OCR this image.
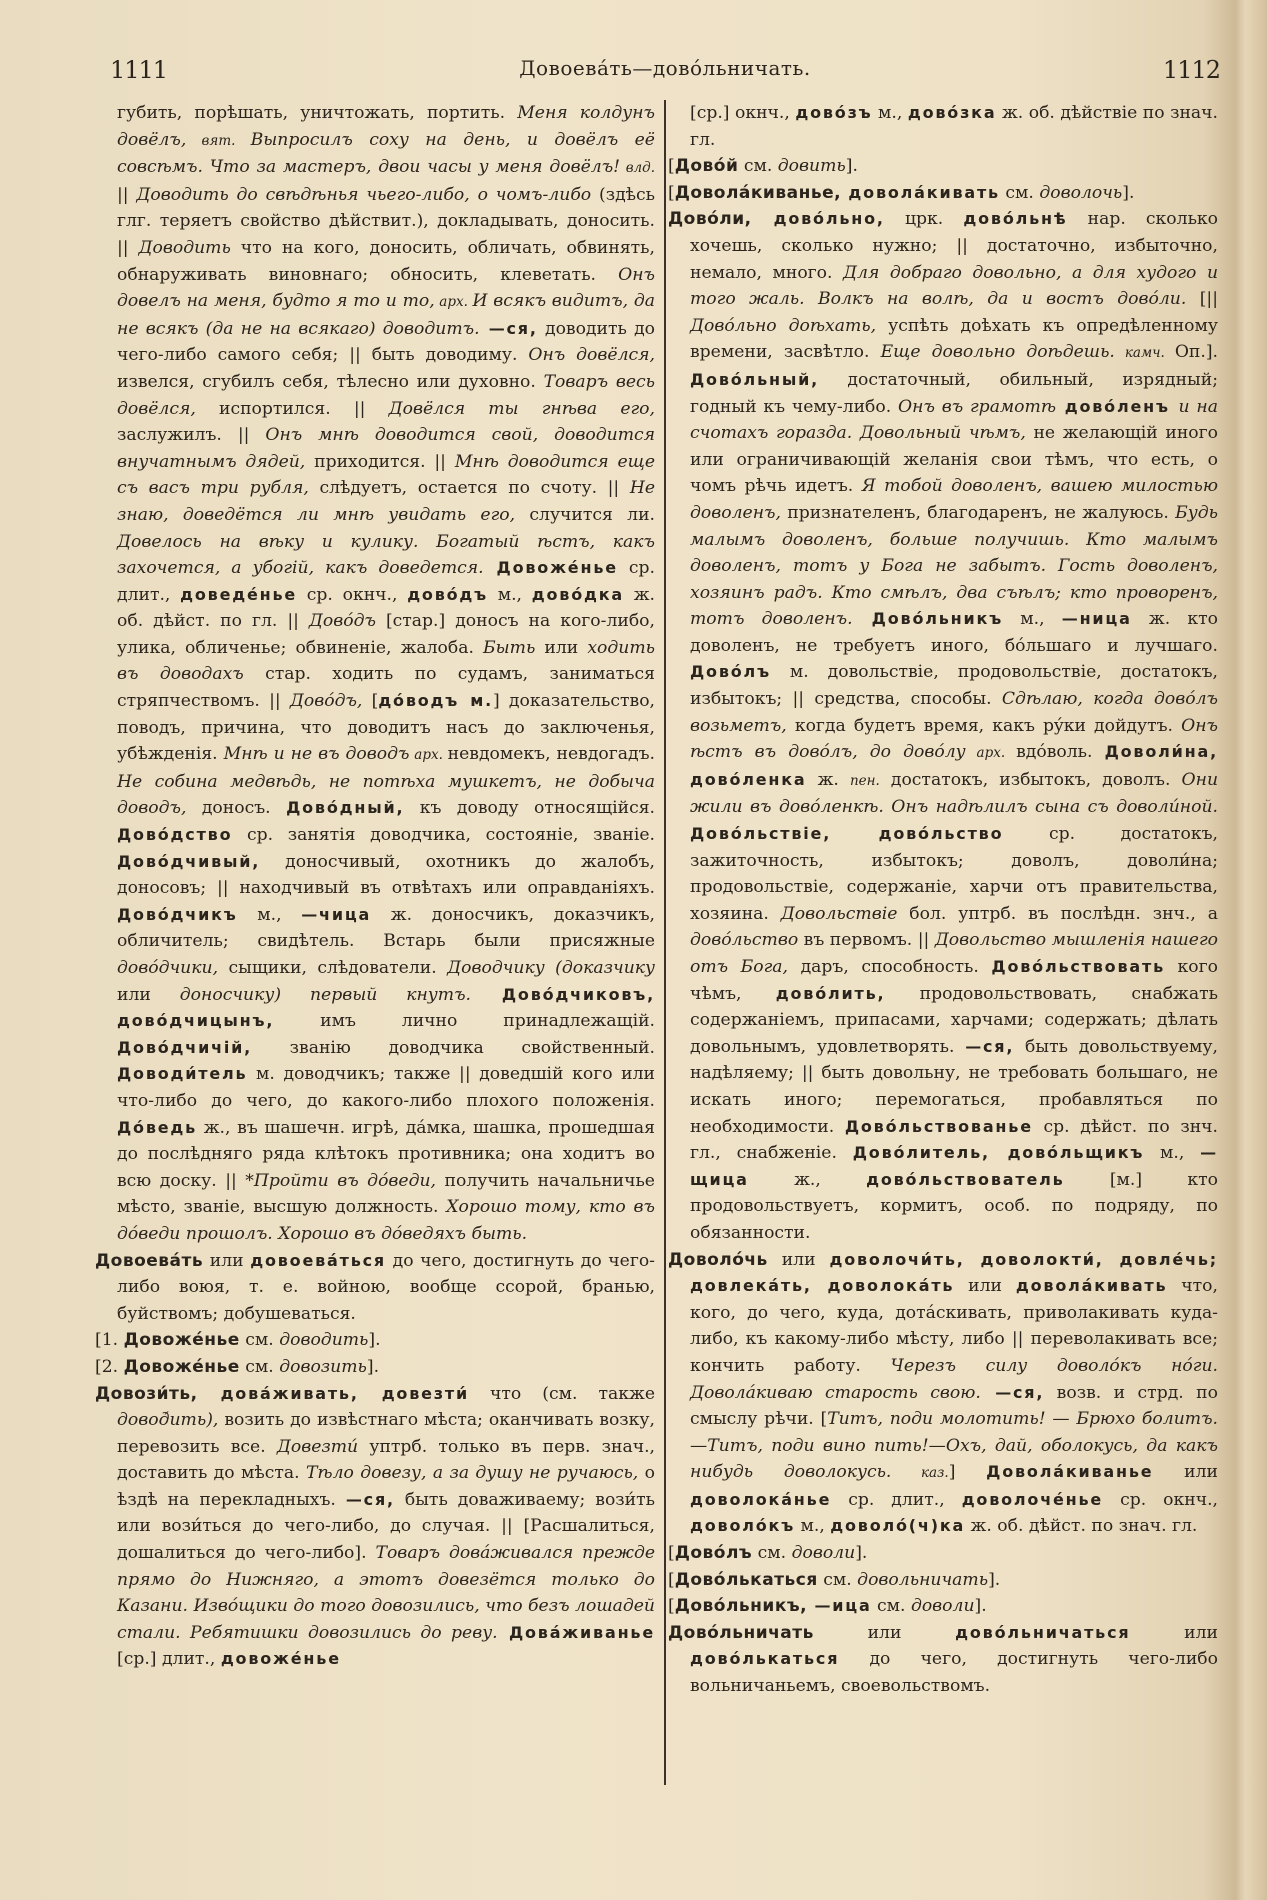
1111	Довоевáть—довóльничать.	1112

губить, порѣшать, уничтожать, портить. Меня колдунъ довёлъ, вят. Выпросилъ соху на день, и довёлъ её совсѣмъ. Что за мастеръ, двои часы у меня довёлъ! влд. || Доводить до свѣдѣнья чьего-либо, о чомъ-либо (здѣсь глг. теряетъ свойство дѣйствит.), докладывать, доносить. || Доводить что на кого, доносить, обличать, обвинять, обнаруживать виновнаго; обносить, клеветать. Онъ довелъ на меня, будто я то и то, арх. И всякъ видитъ, да не всякъ (да не на всякаго) доводитъ. —ся, доводить до чего-либо самого себя; || быть доводиму. Онъ довёлся, извелся, сгубилъ себя, тѣлесно или духовно. Товаръ весь довёлся, испортился. || Довёлся ты гнѣва его, заслужилъ. || Онъ мнѣ доводится свой, доводится внучатнымъ дядей, приходится. || Мнѣ доводится еще съ васъ три рубля, слѣдуетъ, остается по счоту. || Не знаю, доведётся ли мнѣ увидать его, случится ли. Довелось на вѣку и кулику. Богатый ѣстъ, какъ захочется, а убогій, какъ доведется. Довожéнье ср. длит., доведéнье ср. окнч., довóдъ м., довóдка ж. об. дѣйст. по гл. || Довóдъ [стар.] доносъ на кого-либо, улика, обличенье; обвиненіе, жалоба. Быть или ходить въ доводахъ стар. ходить по судамъ, заниматься стряпчествомъ. || Довóдъ, [дóводъ м.] доказательство, поводъ, причина, что доводитъ насъ до заключенья, убѣжденія. Мнѣ и не въ доводъ арх. невдомекъ, невдогадъ. Не собина медвѣдь, не потѣха мушкетъ, не добыча доводъ, доносъ. Довóдный, къ доводу относящійся. Довóдство ср. занятія доводчика, состояніе, званіе. Довóдчивый, доносчивый, охотникъ до жалобъ, доносовъ; || находчивый въ отвѣтахъ или оправданіяхъ. Довóдчикъ м., —чица ж. доносчикъ, доказчикъ, обличитель; свидѣтель. Встарь были присяжные довóдчики, сыщики, слѣдователи. Доводчику (доказчику или доносчику) первый кнутъ. Довóдчиковъ, довóдчицынъ, имъ лично принадлежащій. Довóдчичій, званію доводчика свойственный. Доводи́тель м. доводчикъ; также || доведшій кого или что-либо до чего, до какого-либо плохого положенія. Дóведь ж., въ шашечн. игрѣ, дáмка, шашка, прошедшая до послѣдняго ряда клѣтокъ противника; она ходитъ во всю доску. || *Пройти въ дóведи, получить начальничье мѣсто, званіе, высшую должность. Хорошо тому, кто въ дóведи прошолъ. Хорошо въ дóведяхъ быть.

Довоевáть или довоевáться до чего, достигнуть до чего-либо воюя, т. е. войною, вообще ссорой, бранью, буйствомъ; добушеваться.

[1. Довожéнье см. доводить].

[2. Довожéнье см. довозить].

Довози́ть, довáживать, довезти́ что (см. также довод́ить), возить до извѣстнаго мѣста; оканчивать возку, перевозить все. Довезти́ уптрб. только въ перв. знач., доставить до мѣста. Тѣло довезу, а за душу не ручаюсь, о ѣздѣ на перекладныхъ. —ся, быть доваживаему; вози́ть или вози́ться до чего-либо, до случая. || [Расшалиться, дошалиться до чего-либо]. Товаръ довáживался прежде прямо до Нижняго, а этотъ довезётся только до Казани. Извóщики до того довозились, что безъ лошадей стали. Ребятишки довозились до реву. Довáживанье [ср.] длит., довожéнье

[ср.] окнч., довóзъ м., довóзка ж. об. дѣйствіе по знач. гл.

[Довóй см. довить].

[Доволáкиванье, доволáкивать см. доволочь].

Довóли, довóльно, црк. довóльнѣ нар. сколько хочешь, сколько нужно; || достаточно, избыточно, немало, много. Для добраго довольно, а для худого и того жаль. Волкъ на волѣ, да и востъ довóли. [|| Довóльно доѣхать, успѣть доѣхать къ опредѣленному времени, засвѣтло. Еще довольно доѣдешь. камч. Оп.]. Довóльный, достаточный, обильный, изрядный; годный къ чему-либо. Онъ въ грамотѣ довóленъ и на счотахъ горазда. Довольный чѣмъ, не желающій иного или ограничивающій желанія свои тѣмъ, что есть, о чомъ рѣчь идетъ. Я тобой доволенъ, вашею милостью доволенъ, признателенъ, благодаренъ, не жалуюсь. Будь малымъ доволенъ, больше получишь. Кто малымъ доволенъ, тотъ у Бога не забытъ. Гость доволенъ, хозяинъ радъ. Кто смѣлъ, два съѣлъ; кто проворенъ, тотъ доволенъ. Довóльникъ м., —ница ж. кто доволенъ, не требуетъ иного, бóльшаго и лучшаго. Довóлъ м. довольствіе, продовольствіе, достатокъ, избытокъ; || средства, способы. Сдѣлаю, когда довóлъ возьметъ, когда будетъ время, какъ рýки дойдутъ. Онъ ѣстъ въ довóлъ, до довóлу арх. вдóволь. Доволи́на, довóленка ж. пен. достатокъ, избытокъ, доволъ. Они жили въ довóленкѣ. Онъ надѣлилъ сына съ доволи́ной. Довóльствіе, довóльство ср. достатокъ, зажиточность, избытокъ; доволъ, доволи́на; продовольствіе, содержаніе, харчи отъ правительства, хозяина. Довольствіе бол. уптрб. въ послѣдн. знч., а довóльство въ первомъ. || Довольство мышленія нашего отъ Бога, даръ, способность. Довóльствовать кого чѣмъ, довóлить, продовольствовать, снабжать содержаніемъ, припасами, харчами; содержать; дѣлать довольнымъ, удовлетворять. —ся, быть довольствуему, надѣляему; || быть довольну, не требовать большаго, не искать иного; перемогаться, пробавляться по необходимости. Довóльствованье ср. дѣйст. по знч. гл., снабженіе. Довóлитель, довóльщикъ м., —щица ж., довóльствователь [м.] кто продовольствуетъ, кормитъ, особ. по подряду, по обязанности.

Доволóчь или доволочи́ть, доволокти́, довлéчь; довлекáть, доволокáть или доволáкивать что, кого, до чего, куда, дотáскивать, приволакивать куда-либо, къ какому-либо мѣсту, либо || переволакивать все; кончить работу. Черезъ силу доволóкъ нóги. Доволáкиваю старость свою. —ся, возв. и стрд. по смыслу рѣчи. [Титъ, поди молотить! — Брюхо болитъ.—Титъ, поди вино пить!—Охъ, дай, оболокусь, да какъ нибудь доволокусь. каз.] Доволáкиванье или доволокáнье ср. длит., доволочéнье ср. окнч., доволóкъ м., доволó(ч)ка ж. об. дѣйст. по знач. гл.

[Довóлъ см. доволи].

[Довóлькаться см. довольничать].

[Довóльникъ, —ица см. доволи].

Довóльничать или довóльничаться или довóлькаться до чего, достигнуть чего-либо вольничаньемъ, своевольствомъ.
